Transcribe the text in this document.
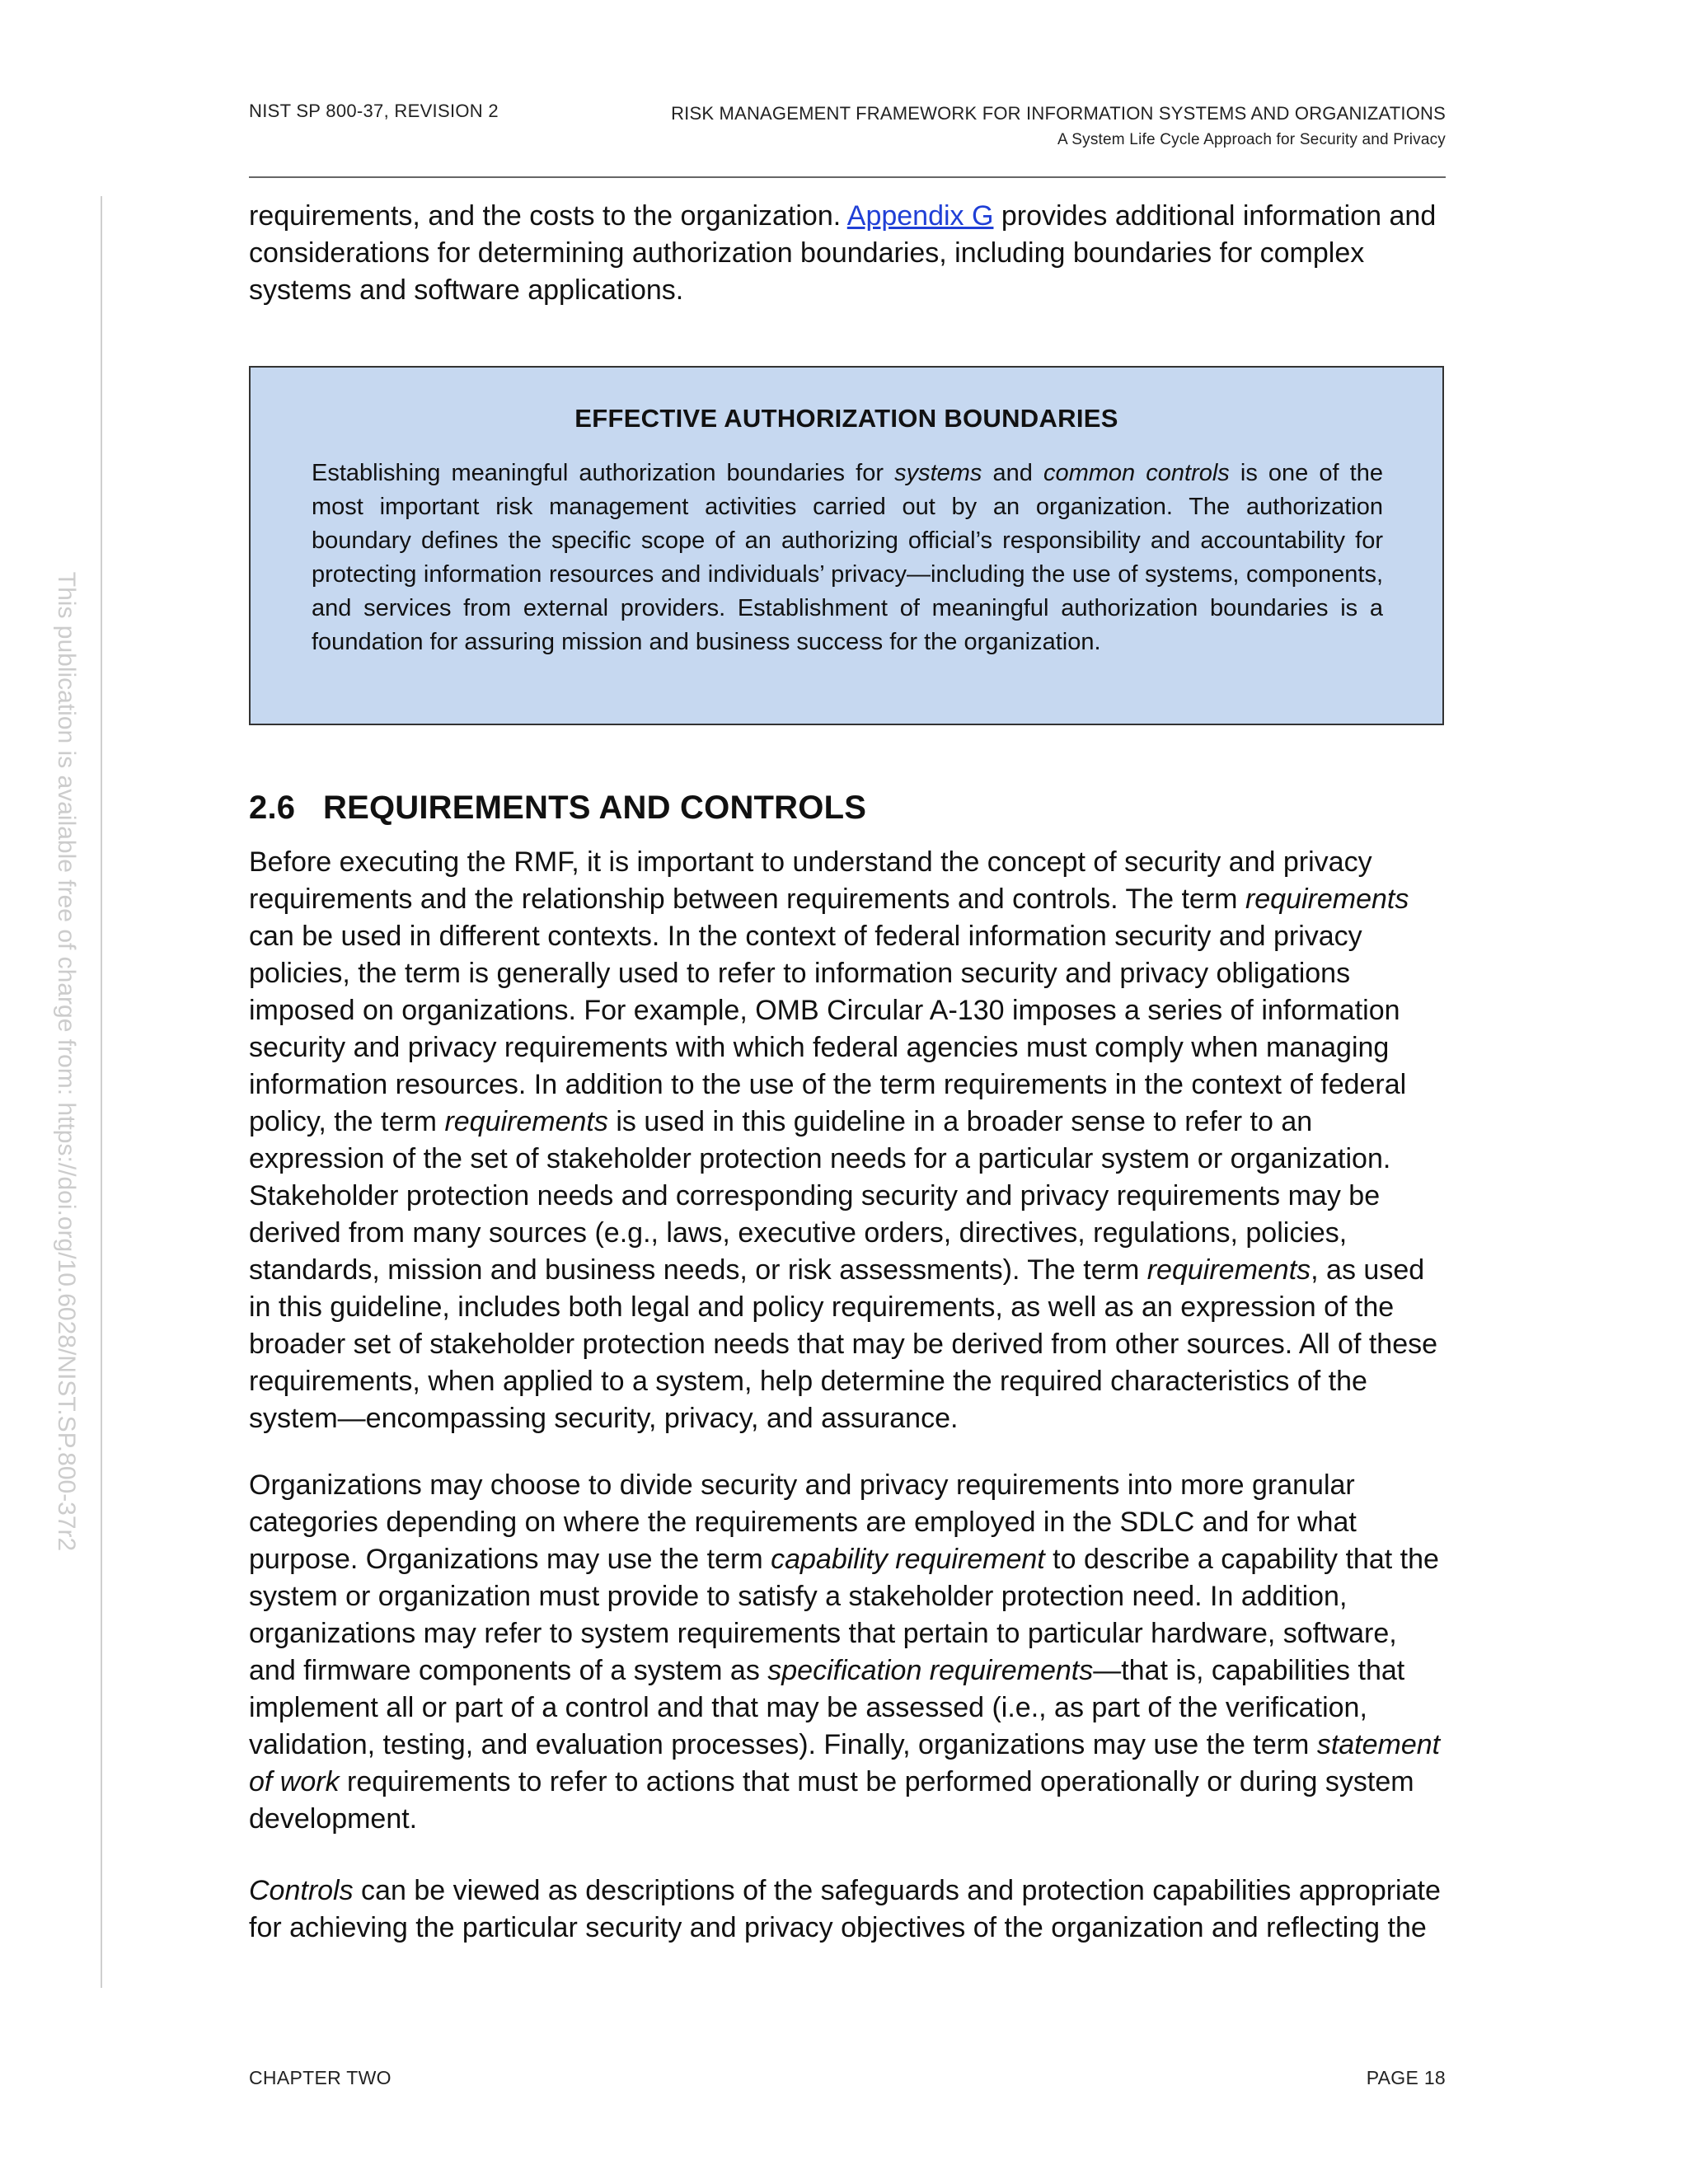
NIST SP 800-37, REVISION 2	RISK MANAGEMENT FRAMEWORK FOR INFORMATION SYSTEMS AND ORGANIZATIONS
A System Life Cycle Approach for Security and Privacy
This publication is available free of charge from: https://doi.org/10.6028/NIST.SP.800-37r2

requirements, and the costs to the organization. Appendix G provides additional information and considerations for determining authorization boundaries, including boundaries for complex systems and software applications.

EFFECTIVE AUTHORIZATION BOUNDARIES
Establishing meaningful authorization boundaries for systems and common controls is one of the most important risk management activities carried out by an organization. The authorization boundary defines the specific scope of an authorizing official’s responsibility and accountability for protecting information resources and individuals’ privacy—including the use of systems, components, and services from external providers. Establishment of meaningful authorization boundaries is a foundation for assuring mission and business success for the organization.
2.6 REQUIREMENTS AND CONTROLS

Before executing the RMF, it is important to understand the concept of security and privacy requirements and the relationship between requirements and controls. The term requirements can be used in different contexts. In the context of federal information security and privacy policies, the term is generally used to refer to information security and privacy obligations imposed on organizations. For example, OMB Circular A-130 imposes a series of information security and privacy requirements with which federal agencies must comply when managing information resources. In addition to the use of the term requirements in the context of federal policy, the term requirements is used in this guideline in a broader sense to refer to an expression of the set of stakeholder protection needs for a particular system or organization. Stakeholder protection needs and corresponding security and privacy requirements may be derived from many sources (e.g., laws, executive orders, directives, regulations, policies, standards, mission and business needs, or risk assessments). The term requirements, as used in this guideline, includes both legal and policy requirements, as well as an expression of the broader set of stakeholder protection needs that may be derived from other sources. All of these requirements, when applied to a system, help determine the required characteristics of the system—encompassing security, privacy, and assurance.

Organizations may choose to divide security and privacy requirements into more granular categories depending on where the requirements are employed in the SDLC and for what purpose. Organizations may use the term capability requirement to describe a capability that the system or organization must provide to satisfy a stakeholder protection need. In addition, organizations may refer to system requirements that pertain to particular hardware, software, and firmware components of a system as specification requirements—that is, capabilities that implement all or part of a control and that may be assessed (i.e., as part of the verification, validation, testing, and evaluation processes). Finally, organizations may use the term statement of work requirements to refer to actions that must be performed operationally or during system development.

Controls can be viewed as descriptions of the safeguards and protection capabilities appropriate for achieving the particular security and privacy objectives of the organization and reflecting the

CHAPTER TWO	PAGE 18
